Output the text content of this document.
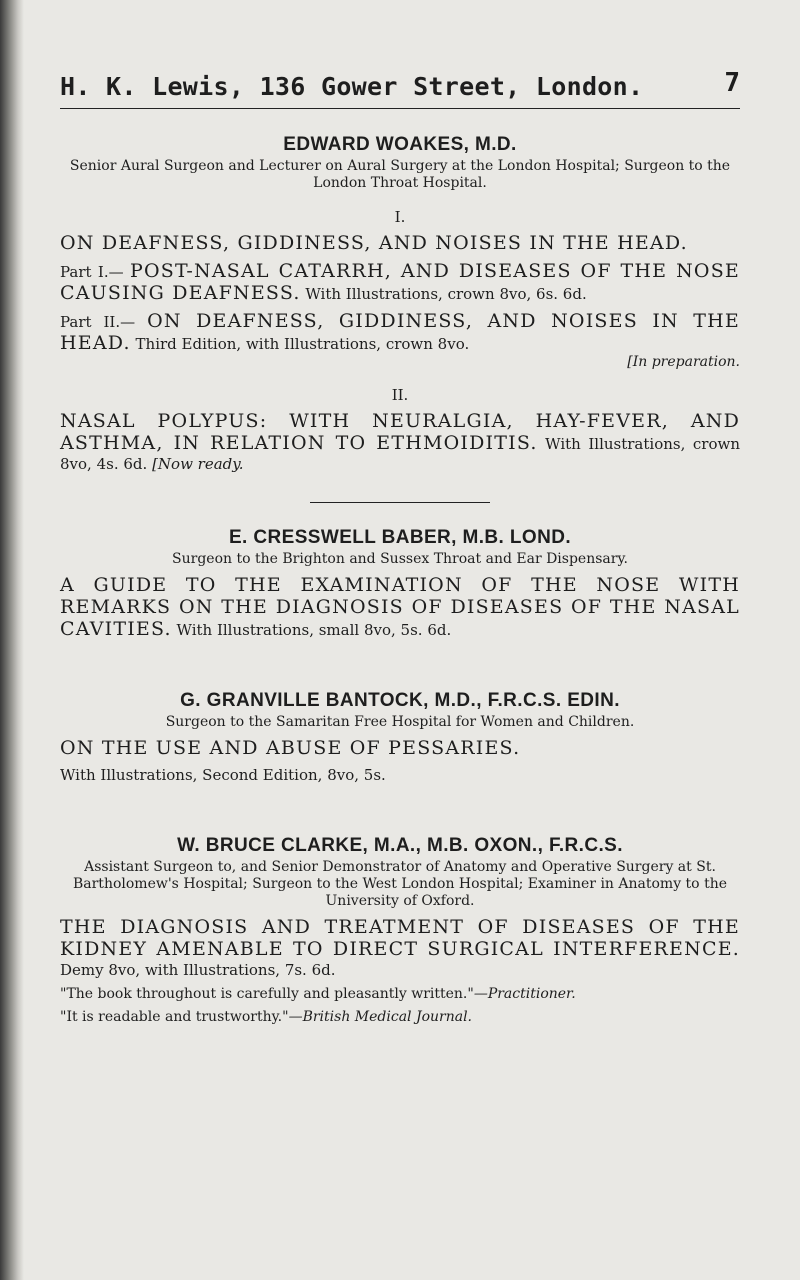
H. K. Lewis, 136 Gower Street, London.	7
EDWARD WOAKES, M.D.
Senior Aural Surgeon and Lecturer on Aural Surgery at the London Hospital; Surgeon to the London Throat Hospital.
I.
ON DEAFNESS, GIDDINESS, AND NOISES IN THE HEAD.
Part I.— POST-NASAL CATARRH, AND DISEASES OF THE NOSE CAUSING DEAFNESS. With Illustrations, crown 8vo, 6s. 6d.
Part II.— ON DEAFNESS, GIDDINESS, AND NOISES IN THE HEAD. Third Edition, with Illustrations, crown 8vo.
[In preparation.
II.
NASAL POLYPUS: WITH NEURALGIA, HAY-FEVER, AND ASTHMA, IN RELATION TO ETHMOIDITIS. With Illustrations, crown 8vo, 4s. 6d. [Now ready.
E. CRESSWELL BABER, M.B. LOND.
Surgeon to the Brighton and Sussex Throat and Ear Dispensary.
A GUIDE TO THE EXAMINATION OF THE NOSE WITH REMARKS ON THE DIAGNOSIS OF DISEASES OF THE NASAL CAVITIES. With Illustrations, small 8vo, 5s. 6d.
G. GRANVILLE BANTOCK, M.D., F.R.C.S. EDIN.
Surgeon to the Samaritan Free Hospital for Women and Children.
ON THE USE AND ABUSE OF PESSARIES.
With Illustrations, Second Edition, 8vo, 5s.
W. BRUCE CLARKE, M.A., M.B. OXON., F.R.C.S.
Assistant Surgeon to, and Senior Demonstrator of Anatomy and Operative Surgery at St. Bartholomew's Hospital; Surgeon to the West London Hospital; Examiner in Anatomy to the University of Oxford.
THE DIAGNOSIS AND TREATMENT OF DISEASES OF THE KIDNEY AMENABLE TO DIRECT SURGICAL INTERFERENCE. Demy 8vo, with Illustrations, 7s. 6d.
"The book throughout is carefully and pleasantly written."—Practitioner.
"It is readable and trustworthy."—British Medical Journal.
